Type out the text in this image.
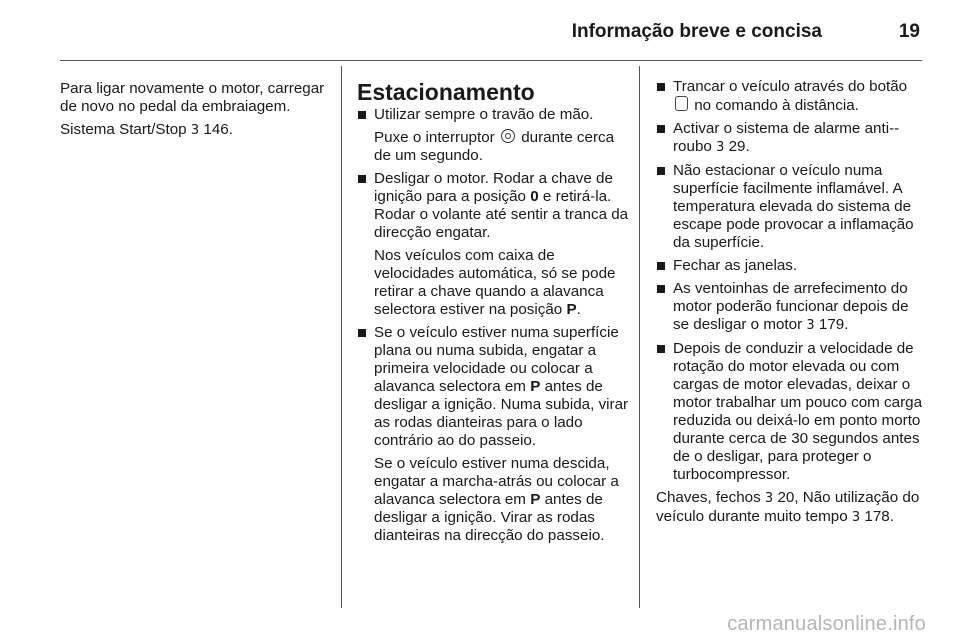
Informação breve e concisa	19

Para ligar novamente o motor, carregar de novo no pedal da embraiagem.

Sistema Start/Stop 3 146.

Estacionamento
Utilizar sempre o travão de mão.
Puxe o interruptor durante cerca de um segundo.
Desligar o motor. Rodar a chave de ignição para a posição 0 e retirá-la. Rodar o volante até sentir a tranca da direcção engatar.
Nos veículos com caixa de velocidades automática, só se pode retirar a chave quando a alavanca selectora estiver na posição P.
Se o veículo estiver numa superfície plana ou numa subida, engatar a primeira velocidade ou colocar a alavanca selectora em P antes de desligar a ignição. Numa subida, virar as rodas dianteiras para o lado contrário ao do passeio.
Se o veículo estiver numa descida, engatar a marcha-atrás ou colocar a alavanca selectora em P antes de desligar a ignição. Virar as rodas dianteiras na direcção do passeio.
Trancar o veículo através do botão  no comando à distância.
Activar o sistema de alarme anti--roubo 3 29.
Não estacionar o veículo numa superfície facilmente inflamável. A temperatura elevada do sistema de escape pode provocar a inflamação da superfície.
Fechar as janelas.
As ventoinhas de arrefecimento do motor poderão funcionar depois de se desligar o motor 3 179.
Depois de conduzir a velocidade de rotação do motor elevada ou com cargas de motor elevadas, deixar o motor trabalhar um pouco com carga reduzida ou deixá-lo em ponto morto durante cerca de 30 segundos antes de o desligar, para proteger o turbocompressor.

Chaves, fechos 3 20, Não utilização do veículo durante muito tempo 3 178.

carmanualsonline.info
